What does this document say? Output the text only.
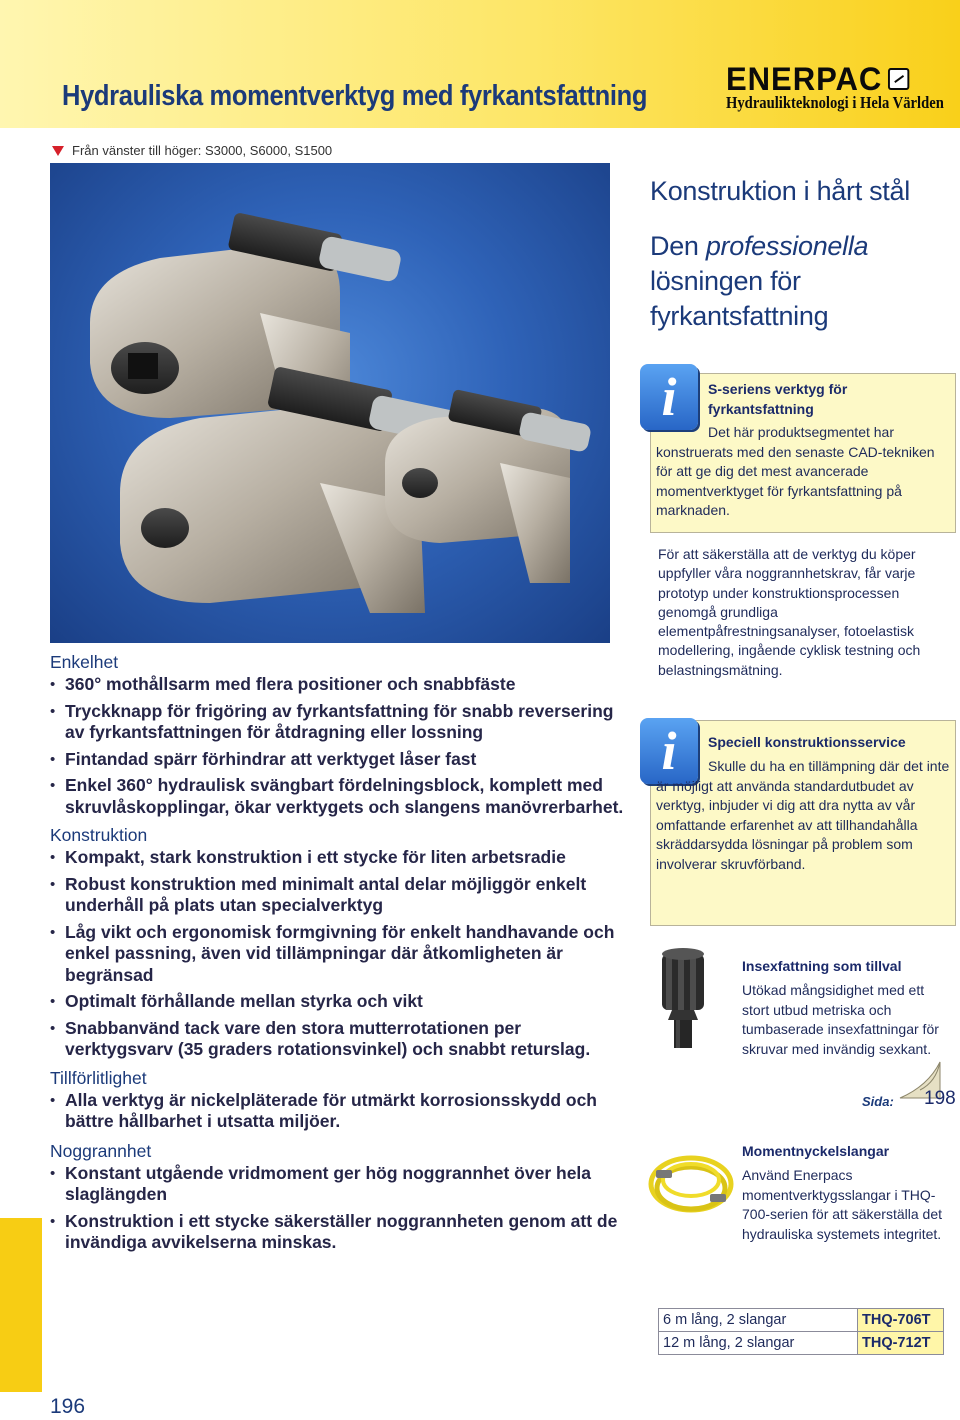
Hydrauliska momentverktyg med fyrkantsfattning ENERPAC
Hydraulikteknologi i Hela Världen
Från vänster till höger: S3000, S6000, S1500
Konstruktion i hårt stål
Den professionella
lösningen för fyrkantsfattning
i	S-seriens verktyg för fyrkantsfattning
Det här produktsegmentet har konstruerats med den senaste CAD-tekniken för att ge dig det mest avancerade momentverktyget för fyrkantsfattning på marknaden.
För att säkerställa att de verktyg du köper uppfyller våra noggrannhetskrav, får varje prototyp under konstruktionsprocessen genomgå grundliga elementpåfrestningsanalyser, fotoelastisk modellering, ingående cyklisk testning och belastningsmätning.
i	Speciell konstruktionsservice
Skulle du ha en tillämpning där det inte är möjligt att använda standardutbudet av verktyg, inbjuder vi dig att dra nytta av vår omfattande erfarenhet av att tillhandahålla skräddarsydda lösningar på problem som involverar skruvförband.
Enkelhet
• 360° mothållsarm med flera positioner och snabbfäste
• Tryckknapp för frigöring av fyrkantsfattning för snabb reversering av fyrkantsfattningen för åtdragning eller lossning
• Fintandad spärr förhindrar att verktyget låser fast
• Enkel 360° hydraulisk svängbart fördelningsblock, komplett med skruvlåskopplingar, ökar verktygets och slangens manövrerbarhet.
Konstruktion
• Kompakt, stark konstruktion i ett stycke för liten arbetsradie
• Robust konstruktion med minimalt antal delar möjliggör enkelt underhåll på plats utan specialverktyg
• Låg vikt och ergonomisk formgivning för enkelt handhavande och enkel passning, även vid tillämpningar där åtkomligheten är begränsad
• Optimalt förhållande mellan styrka och vikt
• Snabbanvänd tack vare den stora mutterrotationen per verktygsvarv (35 graders rotationsvinkel) och snabbt returslag.
Tillförlitlighet
• Alla verktyg är nickelpläterade för utmärkt korrosionsskydd och bättre hållbarhet i utsatta miljöer.
Noggrannhet
• Konstant utgående vridmoment ger hög noggrannhet över hela slaglängden
• Konstruktion i ett stycke säkerställer noggrannheten genom att de invändiga avvikelserna minskas.
Insexfattning som tillval
Utökad mångsidighet med ett stort utbud metriska och tumbaserade insexfattningar för skruvar med invändig sexkant.
Sida: 198
Momentnyckelslangar
Använd Enerpacs momentverktygsslangar i THQ-700-serien för att säkerställa det hydrauliska systemets integritet.
6 m lång, 2 slangar	THQ-706T
12 m lång, 2 slangar	THQ-712T
196
